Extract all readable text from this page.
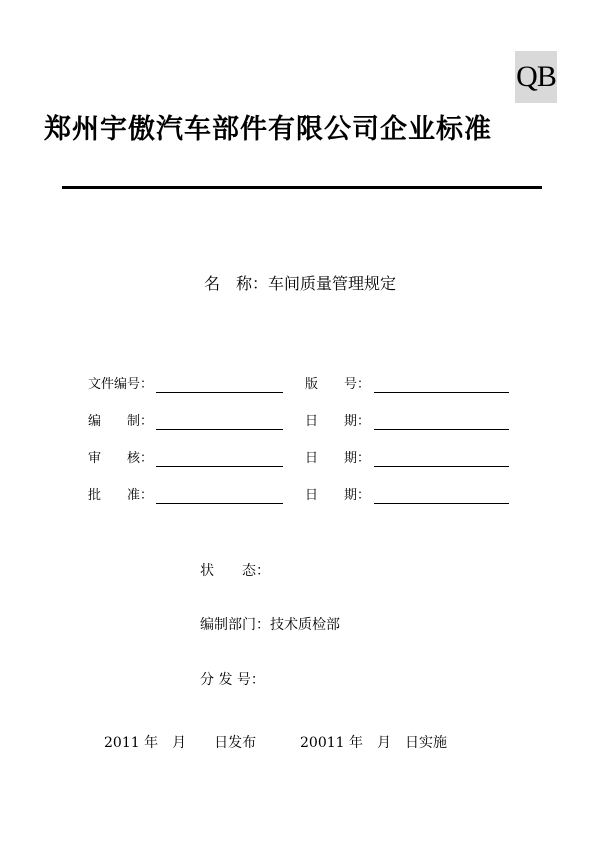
QB
郑州宇傲汽车部件有限公司企业标准
名　称：车间质量管理规定
文件编号：	版　　号：
编　　制：	日　　期：
审　　核：	日　　期：
批　　准：	日　　期：
状　　态：
编制部门：技术质检部
分 发 号：
2011 年　月　　日发布	20011 年　月　日实施
